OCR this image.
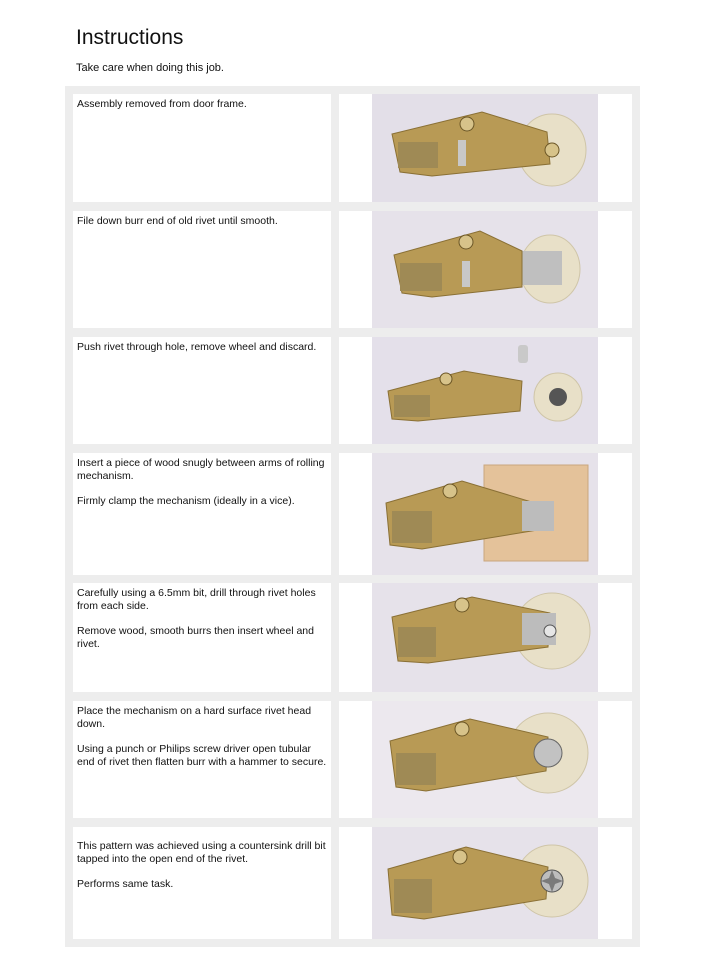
Instructions
Take care when doing this job.

Assembly removed from door frame.

File down burr end of old rivet until smooth.

Push rivet through hole, remove wheel and discard.

Insert a piece of wood snugly between arms of rolling mechanism.

Firmly clamp the mechanism (ideally in a vice).

Carefully using a 6.5mm bit, drill through rivet holes from each side.

Remove wood, smooth burrs then insert wheel and rivet.

Place the mechanism on a hard surface rivet head down.

Using a punch or Philips screw driver open tubular end of rivet then flatten burr with a hammer to secure.

This pattern was achieved using a countersink drill bit tapped into the open end of the rivet.

Performs same task.
